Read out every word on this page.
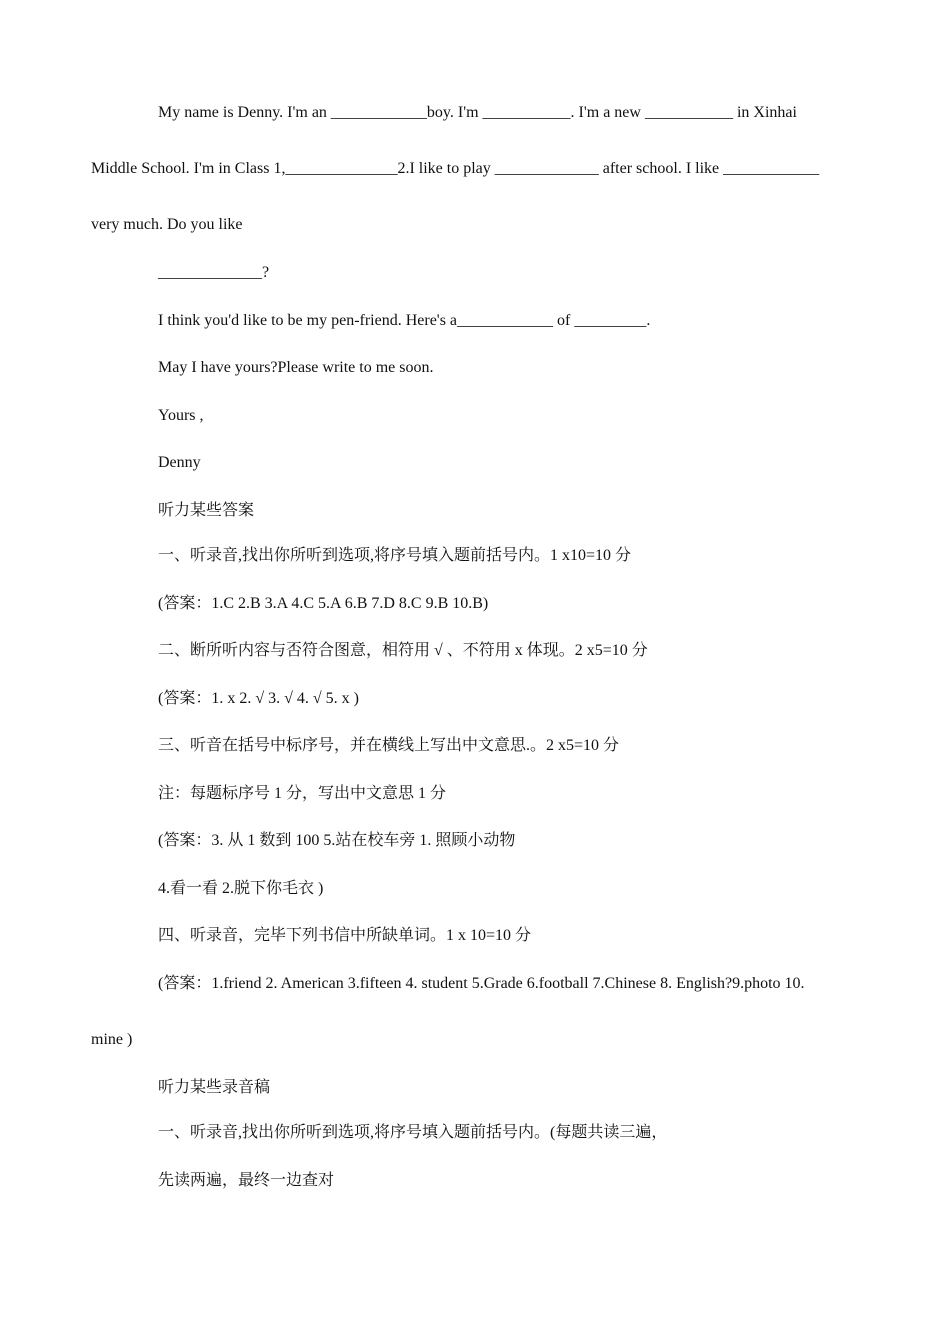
My name is Denny. I'm an ____________boy. I'm ___________. I'm a new ___________ in Xinhai
Middle School. I'm in Class 1,______________2.I like to play _____________ after school. I like ____________
very much. Do you like
_____________?
I think you'd like to be my pen-friend. Here's a____________ of _________.
May I have yours?Please write to me soon.
Yours ,
Denny
听力某些答案
一、听录音,找出你所听到选项,将序号填入题前括号内。1 x10=10 分
(答案：1.C 2.B 3.A 4.C 5.A 6.B 7.D 8.C 9.B 10.B)
二、断所听内容与否符合图意，相符用 √ 、不符用 x 体现。2 x5=10 分
(答案：1. x 2. √ 3. √ 4. √ 5. x )
三、听音在括号中标序号，并在横线上写出中文意思.。2 x5=10 分
注：每题标序号 1 分，写出中文意思 1 分
(答案：3. 从 1 数到 100 5.站在校车旁 1. 照顾小动物
4.看一看 2.脱下你毛衣 )
四、听录音，完毕下列书信中所缺单词。1 x 10=10 分
(答案：1.friend 2. American 3.fifteen 4. student 5.Grade 6.football 7.Chinese 8. English?9.photo 10.
mine )
听力某些录音稿
一、听录音,找出你所听到选项,将序号填入题前括号内。(每题共读三遍，
先读两遍，最终一边查对
